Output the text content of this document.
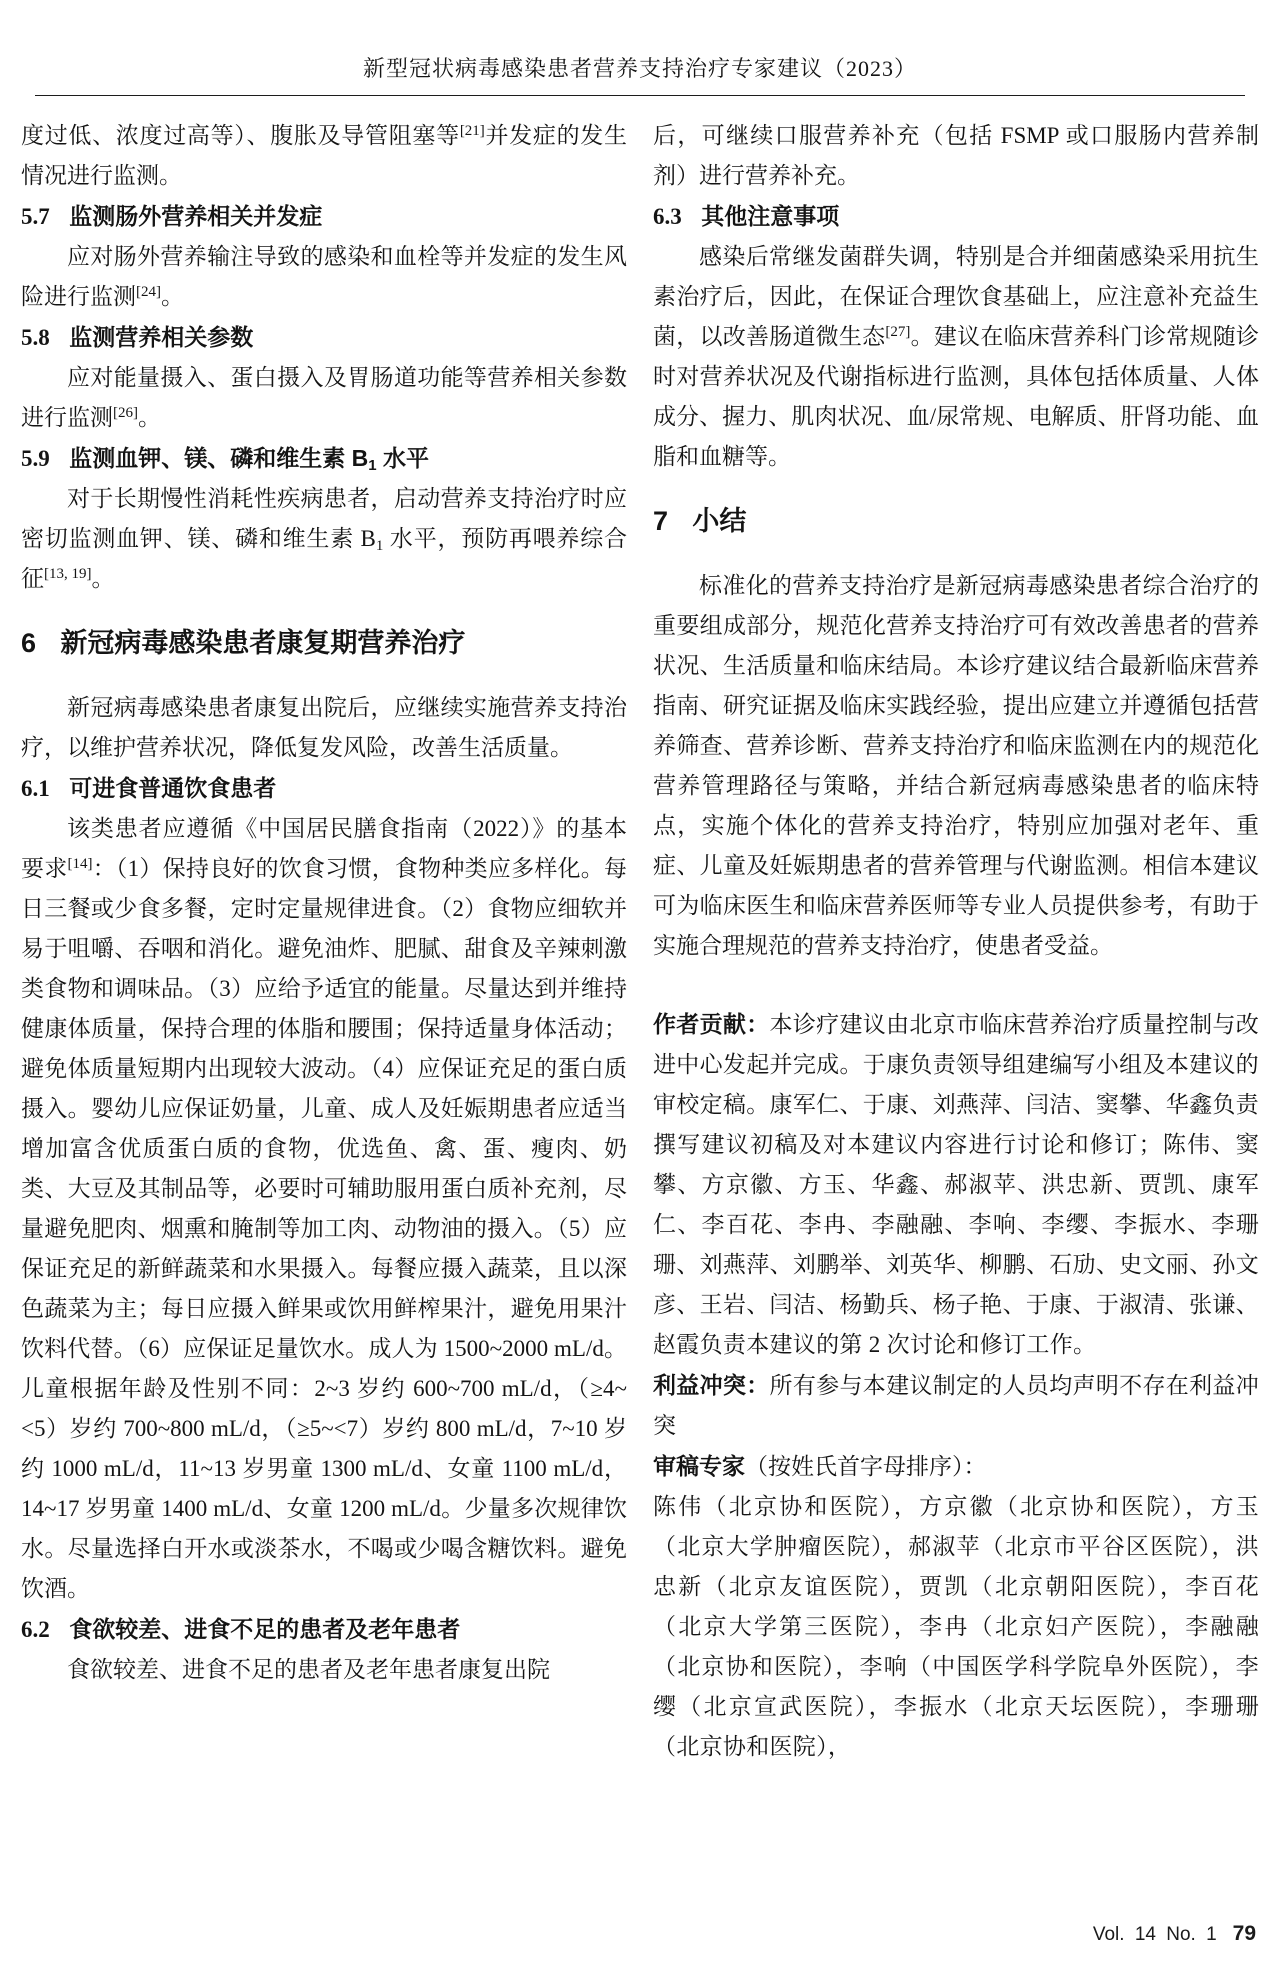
新型冠状病毒感染患者营养支持治疗专家建议（2023）

度过低、浓度过高等）、腹胀及导管阻塞等[21]并发症的发生情况进行监测。

5.7 监测肠外营养相关并发症

应对肠外营养输注导致的感染和血栓等并发症的发生风险进行监测[24]。

5.8 监测营养相关参数

应对能量摄入、蛋白摄入及胃肠道功能等营养相关参数进行监测[26]。

5.9 监测血钾、镁、磷和维生素 $B_1$ 水平

对于长期慢性消耗性疾病患者，启动营养支持治疗时应密切监测血钾、镁、磷和维生素 $B_1$ 水平，预防再喂养综合征[13, 19]。

6 新冠病毒感染患者康复期营养治疗

新冠病毒感染患者康复出院后，应继续实施营养支持治疗，以维护营养状况，降低复发风险，改善生活质量。

6.1 可进食普通饮食患者

该类患者应遵循《中国居民膳食指南（2022）》的基本要求[14]：（1）保持良好的饮食习惯，食物种类应多样化。每日三餐或少食多餐，定时定量规律进食。（2）食物应细软并易于咀嚼、吞咽和消化。避免油炸、肥腻、甜食及辛辣刺激类食物和调味品。（3）应给予适宜的能量。尽量达到并维持健康体质量，保持合理的体脂和腰围；保持适量身体活动；避免体质量短期内出现较大波动。（4）应保证充足的蛋白质摄入。婴幼儿应保证奶量，儿童、成人及妊娠期患者应适当增加富含优质蛋白质的食物，优选鱼、禽、蛋、瘦肉、奶类、大豆及其制品等，必要时可辅助服用蛋白质补充剂，尽量避免肥肉、烟熏和腌制等加工肉、动物油的摄入。（5）应保证充足的新鲜蔬菜和水果摄入。每餐应摄入蔬菜，且以深色蔬菜为主；每日应摄入鲜果或饮用鲜榨果汁，避免用果汁饮料代替。（6）应保证足量饮水。成人为 1500~2000 mL/d。儿童根据年龄及性别不同：2~3 岁约 600~700 mL/d，（≥4~<5）岁约 700~800 mL/d，（≥5~<7）岁约 800 mL/d，7~10 岁约 1000 mL/d，11~13 岁男童 1300 mL/d、女童 1100 mL/d，14~17 岁男童 1400 mL/d、女童 1200 mL/d。少量多次规律饮水。尽量选择白开水或淡茶水，不喝或少喝含糖饮料。避免饮酒。

6.2 食欲较差、进食不足的患者及老年患者

食欲较差、进食不足的患者及老年患者康复出院

后，可继续口服营养补充（包括 FSMP 或口服肠内营养制剂）进行营养补充。

6.3 其他注意事项

感染后常继发菌群失调，特别是合并细菌感染采用抗生素治疗后，因此，在保证合理饮食基础上，应注意补充益生菌，以改善肠道微生态[27]。建议在临床营养科门诊常规随诊时对营养状况及代谢指标进行监测，具体包括体质量、人体成分、握力、肌肉状况、血/尿常规、电解质、肝肾功能、血脂和血糖等。

7 小结

标准化的营养支持治疗是新冠病毒感染患者综合治疗的重要组成部分，规范化营养支持治疗可有效改善患者的营养状况、生活质量和临床结局。本诊疗建议结合最新临床营养指南、研究证据及临床实践经验，提出应建立并遵循包括营养筛查、营养诊断、营养支持治疗和临床监测在内的规范化营养管理路径与策略，并结合新冠病毒感染患者的临床特点，实施个体化的营养支持治疗，特别应加强对老年、重症、儿童及妊娠期患者的营养管理与代谢监测。相信本建议可为临床医生和临床营养医师等专业人员提供参考，有助于实施合理规范的营养支持治疗，使患者受益。

作者贡献：本诊疗建议由北京市临床营养治疗质量控制与改进中心发起并完成。于康负责领导组建编写小组及本建议的审校定稿。康军仁、于康、刘燕萍、闫洁、窦攀、华鑫负责撰写建议初稿及对本建议内容进行讨论和修订；陈伟、窦攀、方京徽、方玉、华鑫、郝淑苹、洪忠新、贾凯、康军仁、李百花、李冉、李融融、李响、李缨、李振水、李珊珊、刘燕萍、刘鹏举、刘英华、柳鹏、石劢、史文丽、孙文彦、王岩、闫洁、杨勤兵、杨子艳、于康、于淑清、张谦、赵霞负责本建议的第 2 次讨论和修订工作。

利益冲突：所有参与本建议制定的人员均声明不存在利益冲突

审稿专家（按姓氏首字母排序）：

陈伟（北京协和医院），方京徽（北京协和医院），方玉（北京大学肿瘤医院），郝淑苹（北京市平谷区医院），洪忠新（北京友谊医院），贾凯（北京朝阳医院），李百花（北京大学第三医院），李冉（北京妇产医院），李融融（北京协和医院），李响（中国医学科学院阜外医院），李缨（北京宣武医院），李振水（北京天坛医院），李珊珊（北京协和医院），

Vol. 14 No. 1 79
